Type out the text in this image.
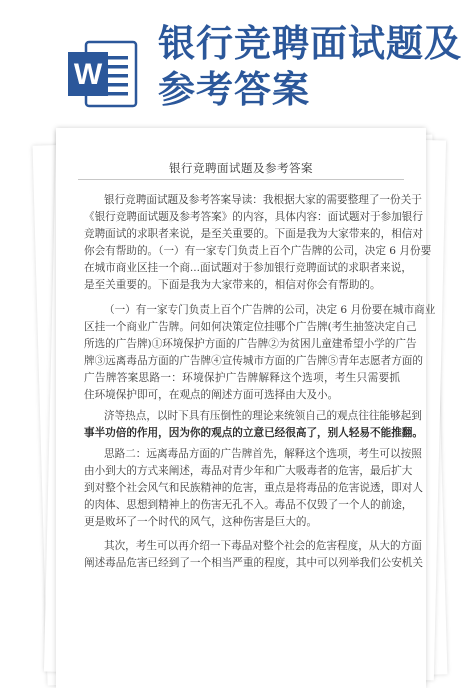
W
银行竞聘面试题及
参考答案
银行竞聘面试题及参考答案
银行竞聘面试题及参考答案导读：我根据大家的需要整理了一份关于
《银行竞聘面试题及参考答案》的内容，具体内容：面试题对于参加银行
竞聘面试的求职者来说，是至关重要的。下面是我为大家带来的，相信对
你会有帮助的。（一）有一家专门负责上百个广告牌的公司，决定 6 月份要
在城市商业区挂一个商...面试题对于参加银行竞聘面试的求职者来说，
是至关重要的。下面是我为大家带来的，相信对你会有帮助的。
（一）有一家专门负责上百个广告牌的公司，决定 6 月份要在城市商业
区挂一个商业广告牌。问如何决策定位挂哪个广告牌(考生抽签决定自己
所选的广告牌)①环境保护方面的广告牌②为贫困儿童建希望小学的广告
牌③远离毒品方面的广告牌④宣传城市方面的广告牌⑤青年志愿者方面的
广告牌答案思路一：环境保护广告牌解释这个选项，考生只需要抓
住环境保护即可，在观点的阐述方面可选择由大及小。
济等热点，以时下具有压倒性的理论来统领自己的观点往往能够起到
事半功倍的作用，因为你的观点的立意已经很高了，别人轻易不能推翻。
思路二：远离毒品方面的广告牌首先，解释这个选项，考生可以按照
由小到大的方式来阐述，毒品对青少年和广大吸毒者的危害，最后扩大
到对整个社会风气和民族精神的危害，重点是将毒品的危害说透，即对人
的肉体、思想到精神上的伤害无孔不入。毒品不仅毁了一个人的前途，
更是败坏了一个时代的风气，这种伤害是巨大的。
其次，考生可以再介绍一下毒品对整个社会的危害程度，从大的方面
阐述毒品危害已经到了一个相当严重的程度，其中可以列举我们公安机关
